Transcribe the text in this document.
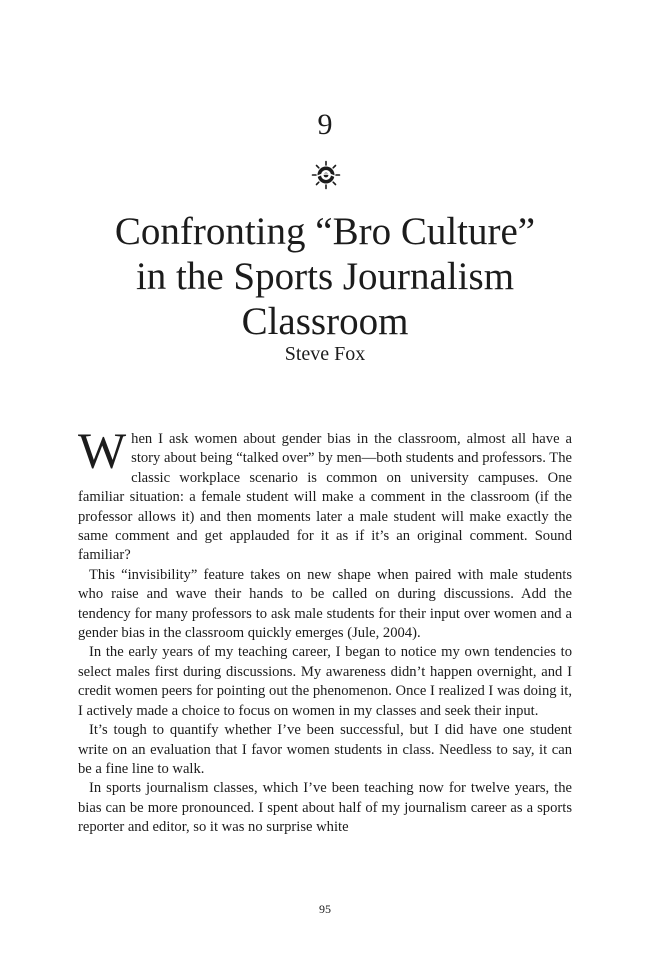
9
Confronting “Bro Culture”
in the Sports Journalism
Classroom
Steve Fox

When I ask women about gender bias in the classroom, almost all have a story about being “talked over” by men—both students and professors. The classic workplace scenario is common on university campuses. One familiar situation: a female student will make a comment in the classroom (if the professor allows it) and then moments later a male student will make exactly the same comment and get applauded for it as if it’s an original comment. Sound familiar?

This “invisibility” feature takes on new shape when paired with male students who raise and wave their hands to be called on during discussions. Add the tendency for many professors to ask male students for their input over women and a gender bias in the classroom quickly emerges (Jule, 2004).

In the early years of my teaching career, I began to notice my own tendencies to select males first during discussions. My awareness didn’t happen overnight, and I credit women peers for pointing out the phenomenon. Once I realized I was doing it, I actively made a choice to focus on women in my classes and seek their input.

It’s tough to quantify whether I’ve been successful, but I did have one student write on an evaluation that I favor women students in class. Needless to say, it can be a fine line to walk.

In sports journalism classes, which I’ve been teaching now for twelve years, the bias can be more pronounced. I spent about half of my journalism career as a sports reporter and editor, so it was no surprise white

95
